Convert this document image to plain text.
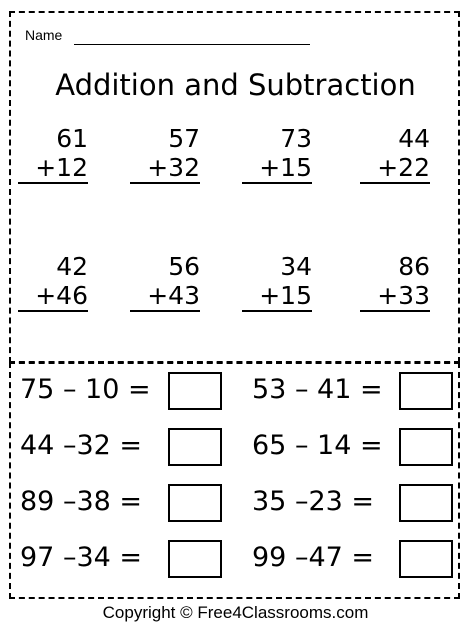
Name
Addition and Subtraction
61
+12
57
+32
73
+15
44
+22
42
+46
56
+43
34
+15
86
+33
75 – 10 =	53 – 41 =
44 –32 =	65 – 14 =
89 –38 =	35 –23 =
97 –34 =	99 –47 =
Copyright © Free4Classrooms.com
